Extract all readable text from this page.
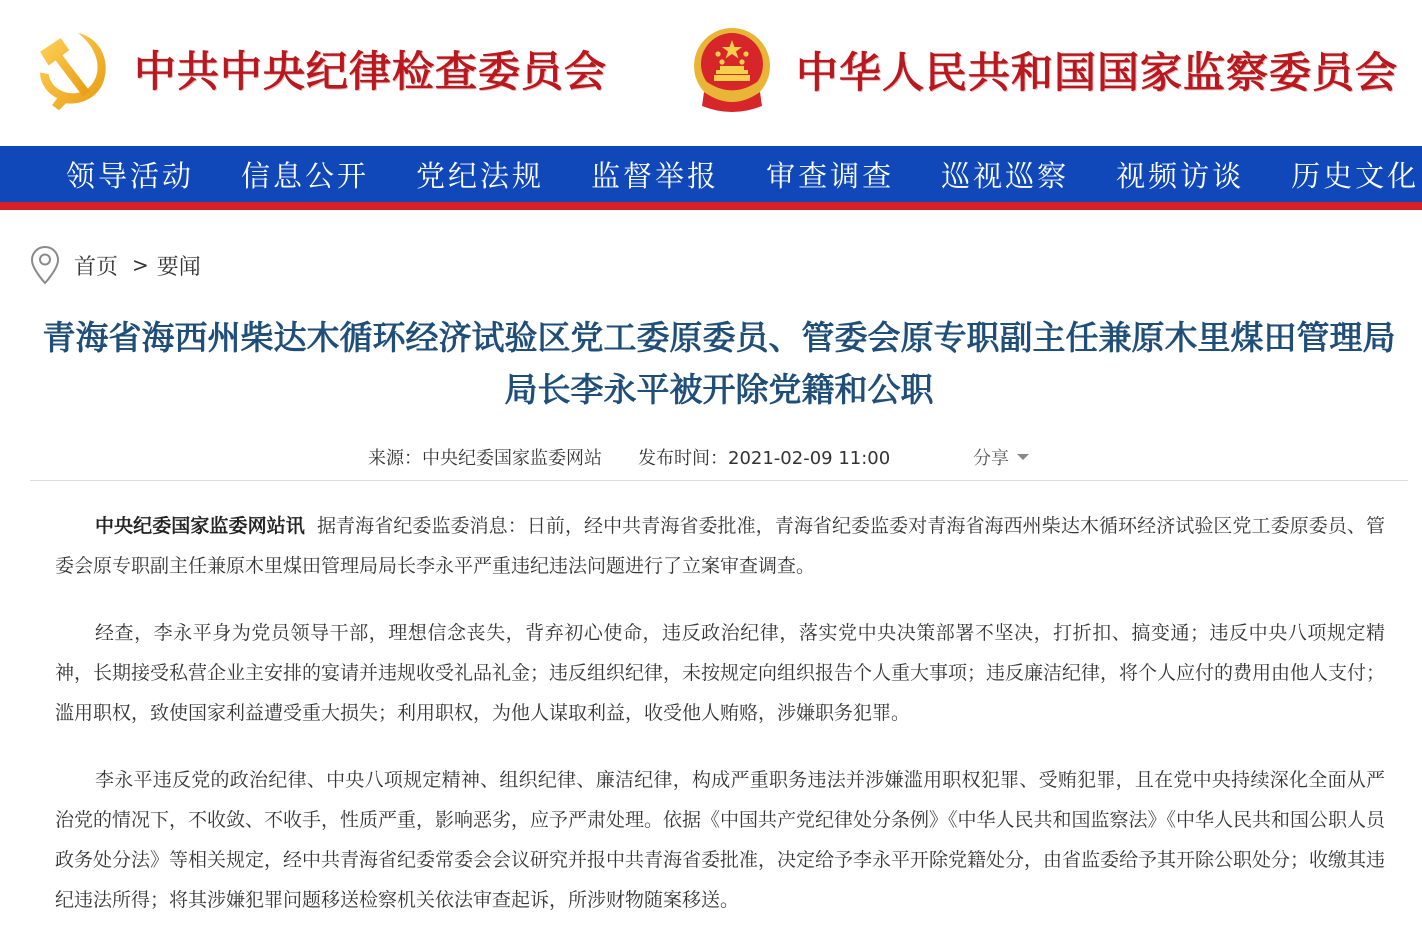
中共中央纪律检查委员会	中华人民共和国国家监察委员会
领导活动 信息公开 党纪法规 监督举报 审查调查 巡视巡察 视频访谈 历史文化
首页 > 要闻
青海省海西州柴达木循环经济试验区党工委原委员、管委会原专职副主任兼原木里煤田管理局局长李永平被开除党籍和公职
来源：中央纪委国家监委网站 发布时间：2021-02-09 11:00	分享

中央纪委国家监委网站讯 据青海省纪委监委消息：日前，经中共青海省委批准，青海省纪委监委对青海省海西州柴达木循环经济试验区党工委原委员、管委会原专职副主任兼原木里煤田管理局局长李永平严重违纪违法问题进行了立案审查调查。

经查，李永平身为党员领导干部，理想信念丧失，背弃初心使命，违反政治纪律，落实党中央决策部署不坚决，打折扣、搞变通；违反中央八项规定精神，长期接受私营企业主安排的宴请并违规收受礼品礼金；违反组织纪律，未按规定向组织报告个人重大事项；违反廉洁纪律，将个人应付的费用由他人支付；滥用职权，致使国家利益遭受重大损失；利用职权，为他人谋取利益，收受他人贿赂，涉嫌职务犯罪。

李永平违反党的政治纪律、中央八项规定精神、组织纪律、廉洁纪律，构成严重职务违法并涉嫌滥用职权犯罪、受贿犯罪，且在党中央持续深化全面从严治党的情况下，不收敛、不收手，性质严重，影响恶劣，应予严肃处理。依据《中国共产党纪律处分条例》《中华人民共和国监察法》《中华人民共和国公职人员政务处分法》等相关规定，经中共青海省纪委常委会会议研究并报中共青海省委批准，决定给予李永平开除党籍处分，由省监委给予其开除公职处分；收缴其违纪违法所得；将其涉嫌犯罪问题移送检察机关依法审查起诉，所涉财物随案移送。
